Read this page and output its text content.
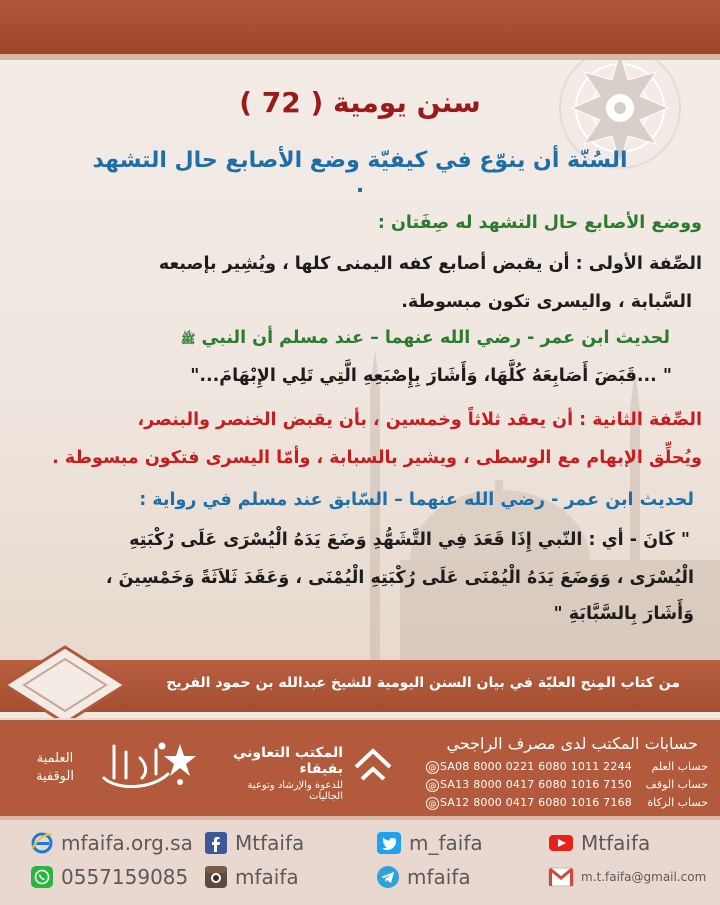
سنن يومية ( 72 )
السُنّة أن ينوّع في كيفيّة وضع الأصابع حال التشهد .
ووضع الأصابع حال التشهد له صِفَتان :
الصِّفة الأولى : أن يقبض أصابع كفه اليمنى كلها ، ويُشِير بإصبعه
السَّبابة ، واليسرى تكون مبسوطة.
لحديث ابن عمر - رضي الله عنهما – عند مسلم أن النبي ﷺ
" ...قَبَضَ أَصَابِعَهُ كُلَّهَا، وَأَشَارَ بِإِصْبَعِهِ الَّتِي تَلِي الإِبْهَامَ..."
الصِّفة الثانية : أن يعقد ثلاثاً وخمسين ، بأن يقبض الخنصر والبنصر،
ويُحلِّق الإبهام مع الوسطى ، ويشير بالسبابة ، وأمّا اليسرى فتكون مبسوطة .
لحديث ابن عمر - رضي الله عنهما – السّابق عند مسلم في رواية :
" كَانَ - أي : النّبي إِذَا قَعَدَ فِي التَّشَهُّدِ وَضَعَ يَدَهُ الْيُسْرَى عَلَى رُكْبَتِهِ
الْيُسْرَى ، وَوَضَعَ يَدَهُ الْيُمْنَى عَلَى رُكْبَتِهِ الْيُمْنَى ، وَعَقَدَ ثَلاَثَةً وَخَمْسِينَ ،
وَأَشَارَ بِالسَّبَّابَةِ "
من كتاب المِنح العليّة في بيان السنن اليومية للشيخ عبدالله بن حمود الفريح
حسابات المكتب لدى مصرف الراجحي
@ SA08 8000 0221 6080 1011 2244 حساب العلم
@ SA13 8000 0417 6080 1016 7150 حساب الوقف
@ SA12 8000 0417 6080 1016 7168 حساب الزكاة
المكتب التعاوني بفيفاء
للدعوة والإرشاد وتوعية الجاليات
العلمية
الوقفية
mfaifa.org.sa Mtfaifa	m_faifa	Mtfaifa
0557159085 mfaifa	mfaifa	m.t.faifa@gmail.com
